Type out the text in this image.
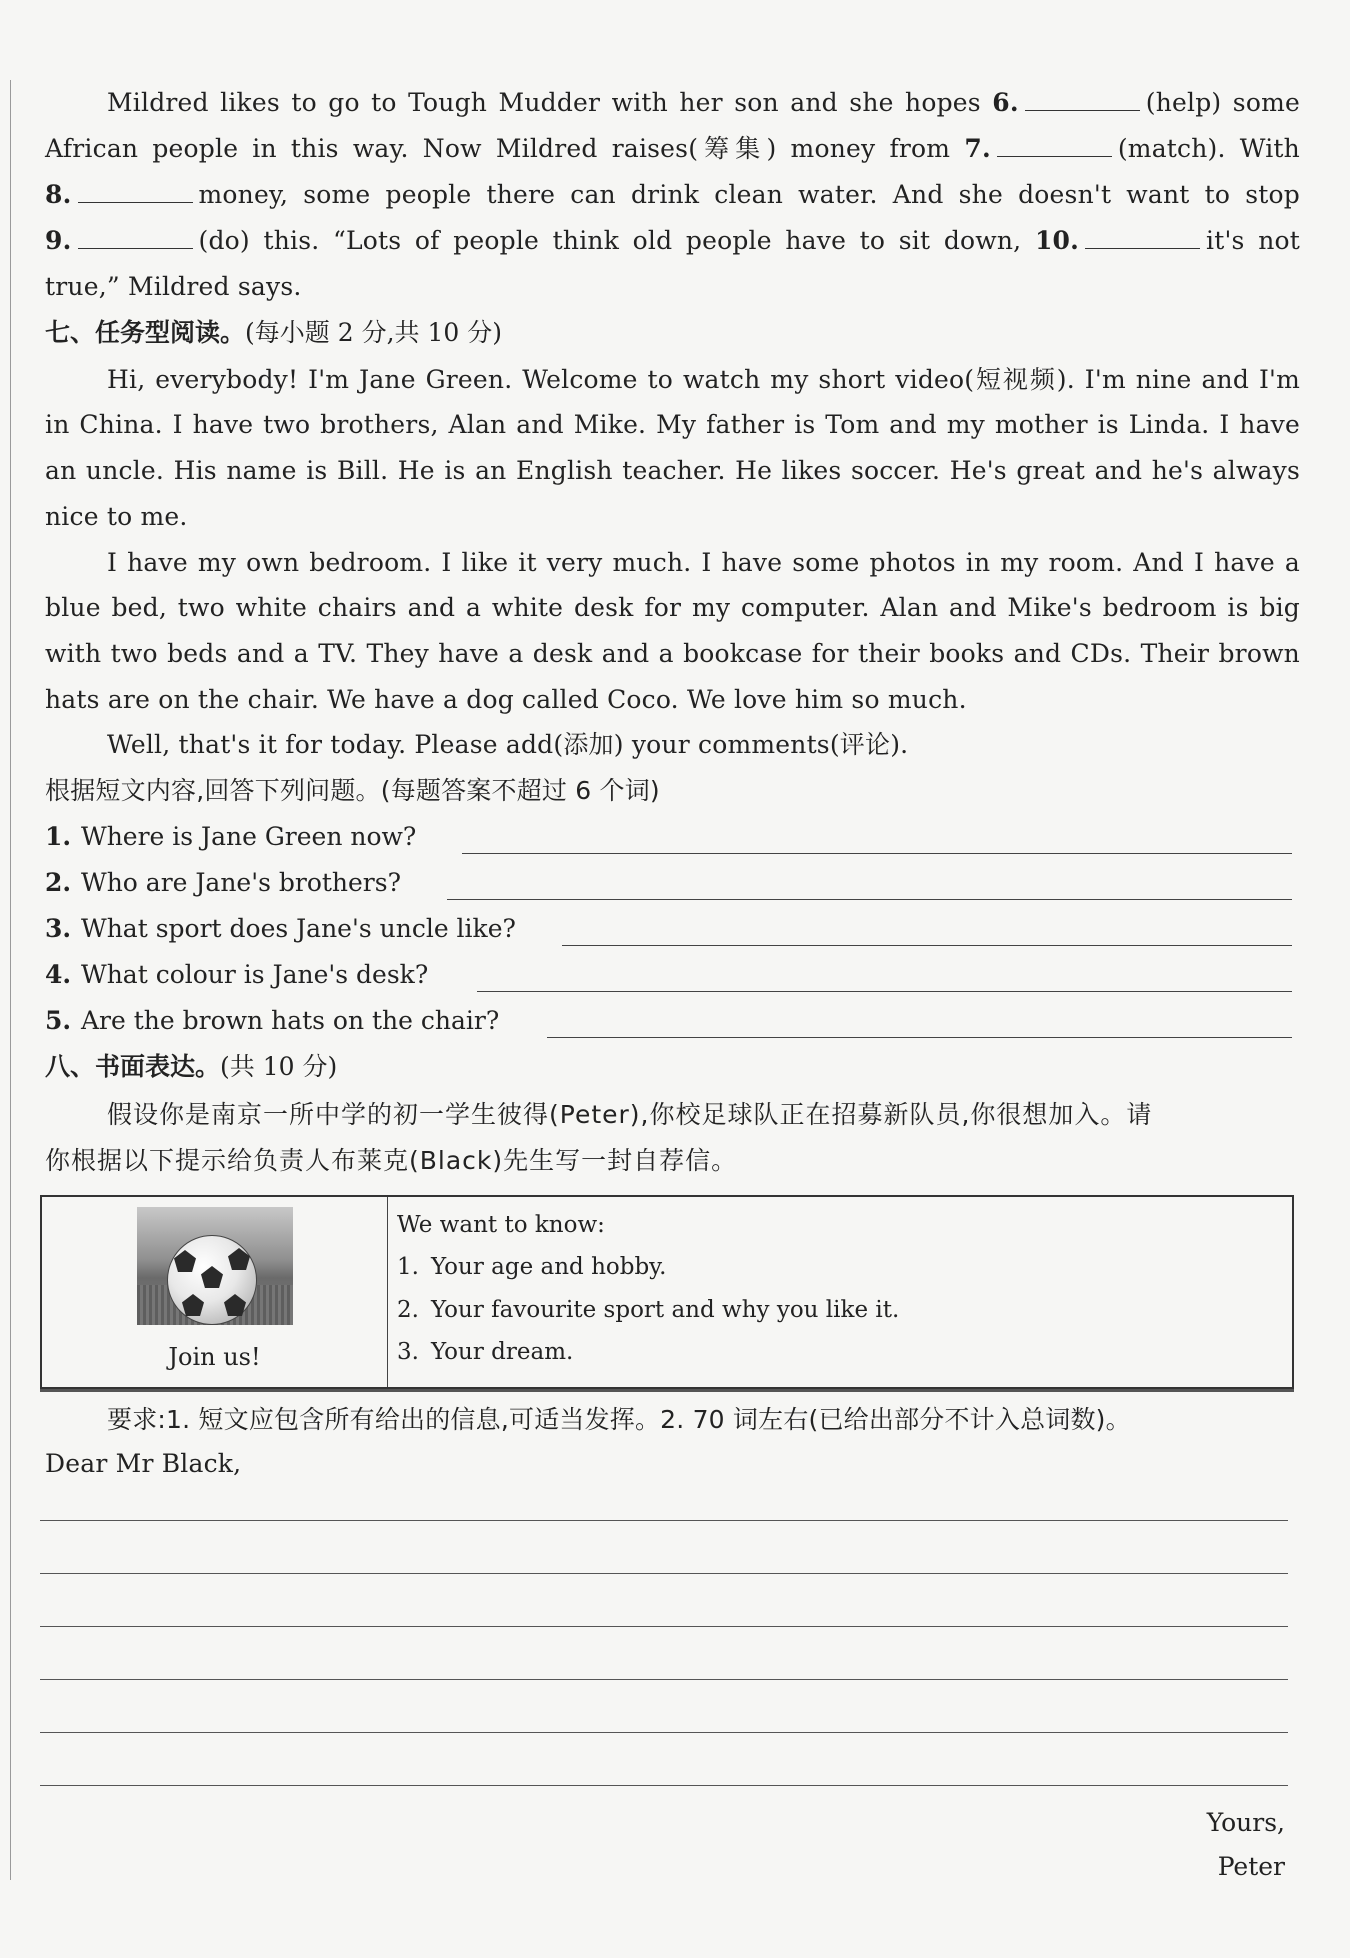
Mildred likes to go to Tough Mudder with her son and she hopes 6.	(help) some
African people in this way. Now Mildred raises(筹集) money from 7.	(match). With
8.	money, some people there can drink clean water. And she doesn't want to stop
9.	(do) this. “Lots of people think old people have to sit down, 10.	it's not
true,” Mildred says.
七、任务型阅读。(每小题 2 分,共 10 分)
Hi, everybody! I'm Jane Green. Welcome to watch my short video(短视频). I'm nine and I'm
in China. I have two brothers, Alan and Mike. My father is Tom and my mother is Linda. I have
an uncle. His name is Bill. He is an English teacher. He likes soccer. He's great and he's always
nice to me.
I have my own bedroom. I like it very much. I have some photos in my room. And I have a
blue bed, two white chairs and a white desk for my computer. Alan and Mike's bedroom is big
with two beds and a TV. They have a desk and a bookcase for their books and CDs. Their brown
hats are on the chair. We have a dog called Coco. We love him so much.
Well, that's it for today. Please add(添加) your comments(评论).
根据短文内容,回答下列问题。(每题答案不超过 6 个词)
1. Where is Jane Green now?
2. Who are Jane's brothers?
3. What sport does Jane's uncle like?
4. What colour is Jane's desk?
5. Are the brown hats on the chair?
八、书面表达。(共 10 分)
假设你是南京一所中学的初一学生彼得(Peter),你校足球队正在招募新队员,你很想加入。请
你根据以下提示给负责人布莱克(Black)先生写一封自荐信。
Join us!
We want to know:
1. Your age and hobby.
2. Your favourite sport and why you like it.
3. Your dream.
要求:1. 短文应包含所有给出的信息,可适当发挥。2. 70 词左右(已给出部分不计入总词数)。
Dear Mr Black,
Yours,
Peter
